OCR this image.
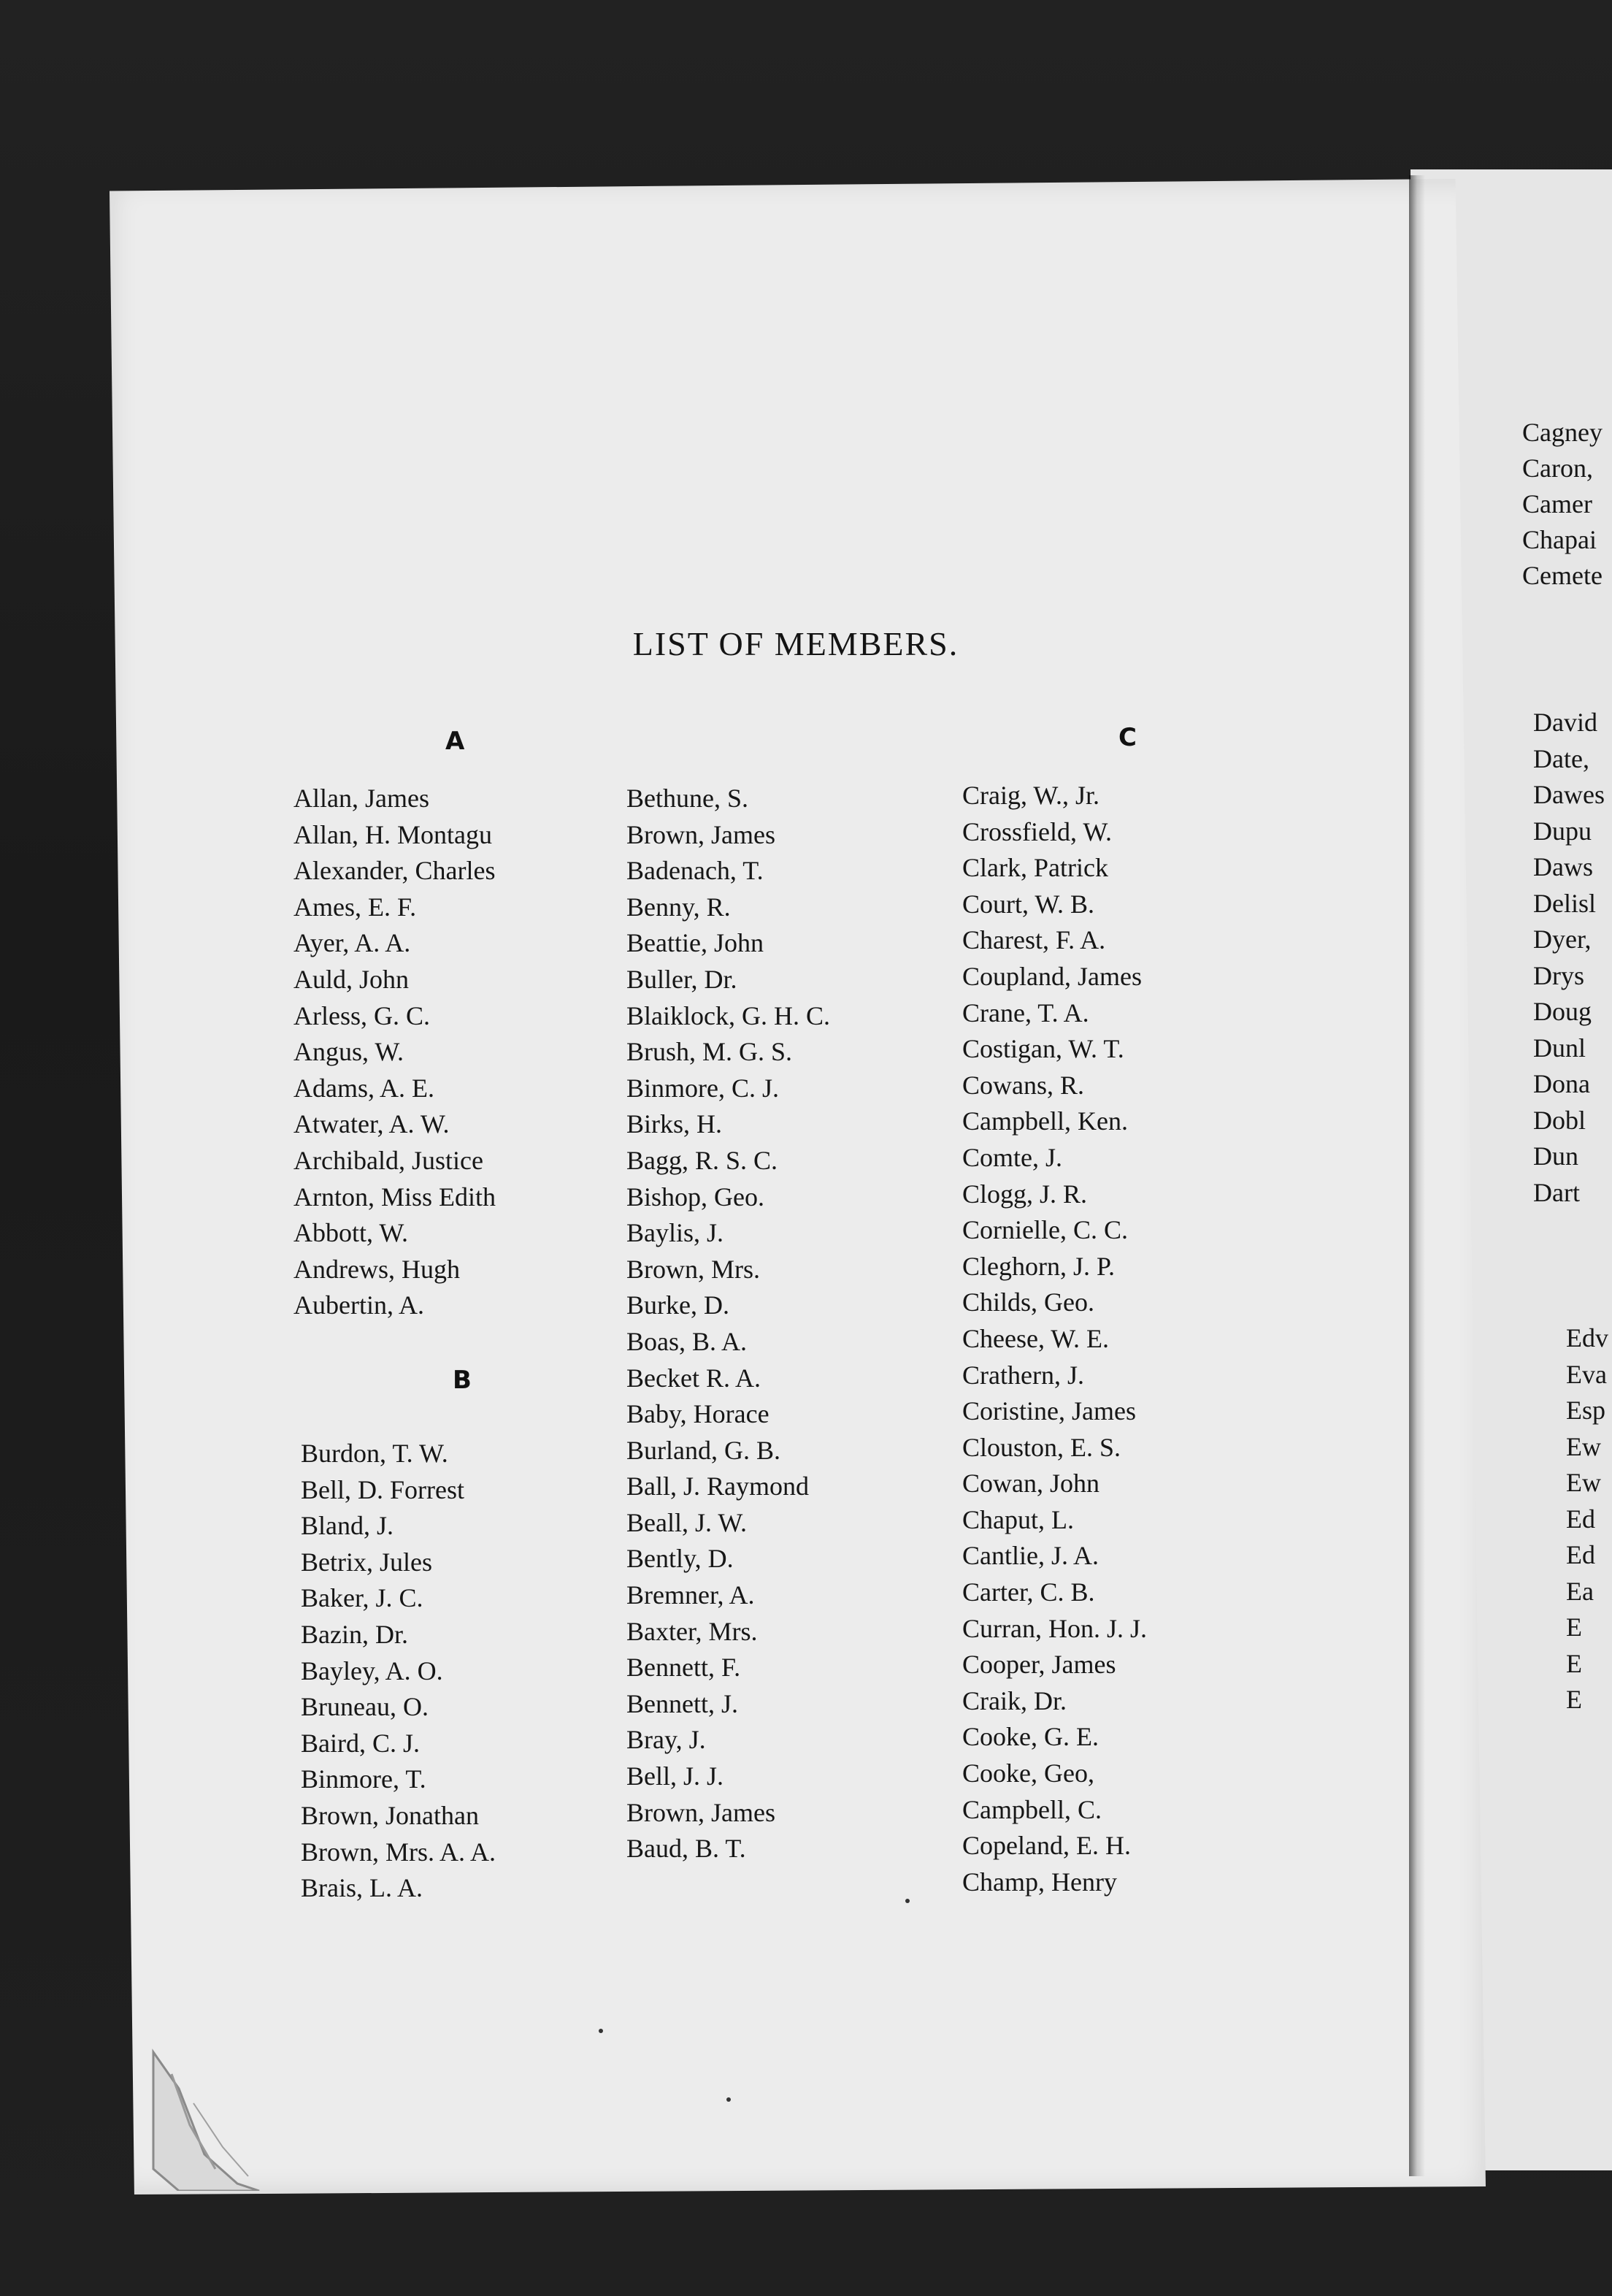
LIST OF MEMBERS.
A
B
C
Allan, James
Allan, H. Montagu
Alexander, Charles
Ames, E. F.
Ayer, A. A.
Auld, John
Arless, G. C.
Angus, W.
Adams, A. E.
Atwater, A. W.
Archibald, Justice
Arnton, Miss Edith
Abbott, W.
Andrews, Hugh
Aubertin, A.
Burdon, T. W.
Bell, D. Forrest
Bland, J.
Betrix, Jules
Baker, J. C.
Bazin, Dr.
Bayley, A. O.
Bruneau, O.
Baird, C. J.
Binmore, T.
Brown, Jonathan
Brown, Mrs. A. A.
Brais, L. A.
Bethune, S.
Brown, James
Badenach, T.
Benny, R.
Beattie, John
Buller, Dr.
Blaiklock, G. H. C.
Brush, M. G. S.
Binmore, C. J.
Birks, H.
Bagg, R. S. C.
Bishop, Geo.
Baylis, J.
Brown, Mrs.
Burke, D.
Boas, B. A.
Becket R. A.
Baby, Horace
Burland, G. B.
Ball, J. Raymond
Beall, J. W.
Bently, D.
Bremner, A.
Baxter, Mrs.
Bennett, F.
Bennett, J.
Bray, J.
Bell, J. J.
Brown, James
Baud, B. T.
Craig, W., Jr.
Crossfield, W.
Clark, Patrick
Court, W. B.
Charest, F. A.
Coupland, James
Crane, T. A.
Costigan, W. T.
Cowans, R.
Campbell, Ken.
Comte, J.
Clogg, J. R.
Cornielle, C. C.
Cleghorn, J. P.
Childs, Geo.
Cheese, W. E.
Crathern, J.
Coristine, James
Clouston, E. S.
Cowan, John
Chaput, L.
Cantlie, J. A.
Carter, C. B.
Curran, Hon. J. J.
Cooper, James
Craik, Dr.
Cooke, G. E.
Cooke, Geo,
Campbell, C.
Copeland, E. H.
Champ, Henry
Cagney
Caron,
Camer
Chapai
Cemete
David
Date,
Dawes
Dupu
Daws
Delisl
Dyer,
Drys
Doug
Dunl
Dona
Dobl
Dun
Dart
Edv
Eva
Esp
Ew
Ew
Ed
Ed
Ea
E
E
E
